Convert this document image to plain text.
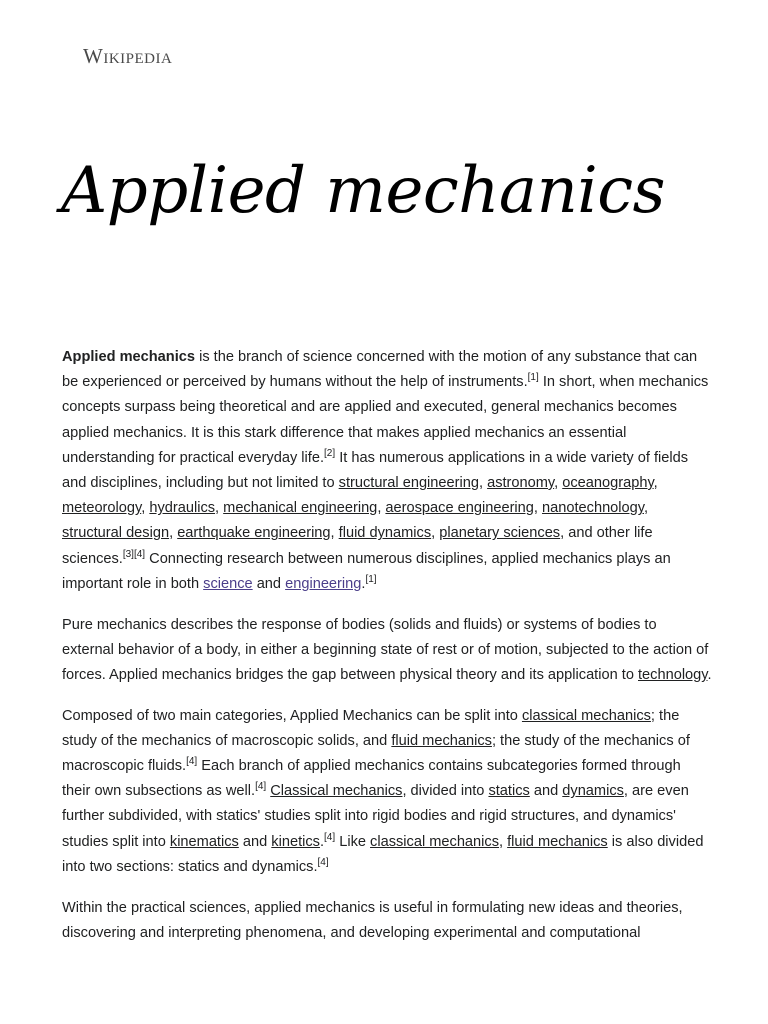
Wikipedia
Applied mechanics

Applied mechanics is the branch of science concerned with the motion of any substance that can be experienced or perceived by humans without the help of instruments.[1] In short, when mechanics concepts surpass being theoretical and are applied and executed, general mechanics becomes applied mechanics. It is this stark difference that makes applied mechanics an essential understanding for practical everyday life.[2] It has numerous applications in a wide variety of fields and disciplines, including but not limited to structural engineering, astronomy, oceanography, meteorology, hydraulics, mechanical engineering, aerospace engineering, nanotechnology, structural design, earthquake engineering, fluid dynamics, planetary sciences, and other life sciences.[3][4] Connecting research between numerous disciplines, applied mechanics plays an important role in both science and engineering.[1]

Pure mechanics describes the response of bodies (solids and fluids) or systems of bodies to external behavior of a body, in either a beginning state of rest or of motion, subjected to the action of forces. Applied mechanics bridges the gap between physical theory and its application to technology.

Composed of two main categories, Applied Mechanics can be split into classical mechanics; the study of the mechanics of macroscopic solids, and fluid mechanics; the study of the mechanics of macroscopic fluids.[4] Each branch of applied mechanics contains subcategories formed through their own subsections as well.[4] Classical mechanics, divided into statics and dynamics, are even further subdivided, with statics' studies split into rigid bodies and rigid structures, and dynamics' studies split into kinematics and kinetics.[4] Like classical mechanics, fluid mechanics is also divided into two sections: statics and dynamics.[4]

Within the practical sciences, applied mechanics is useful in formulating new ideas and theories, discovering and interpreting phenomena, and developing experimental and computational
